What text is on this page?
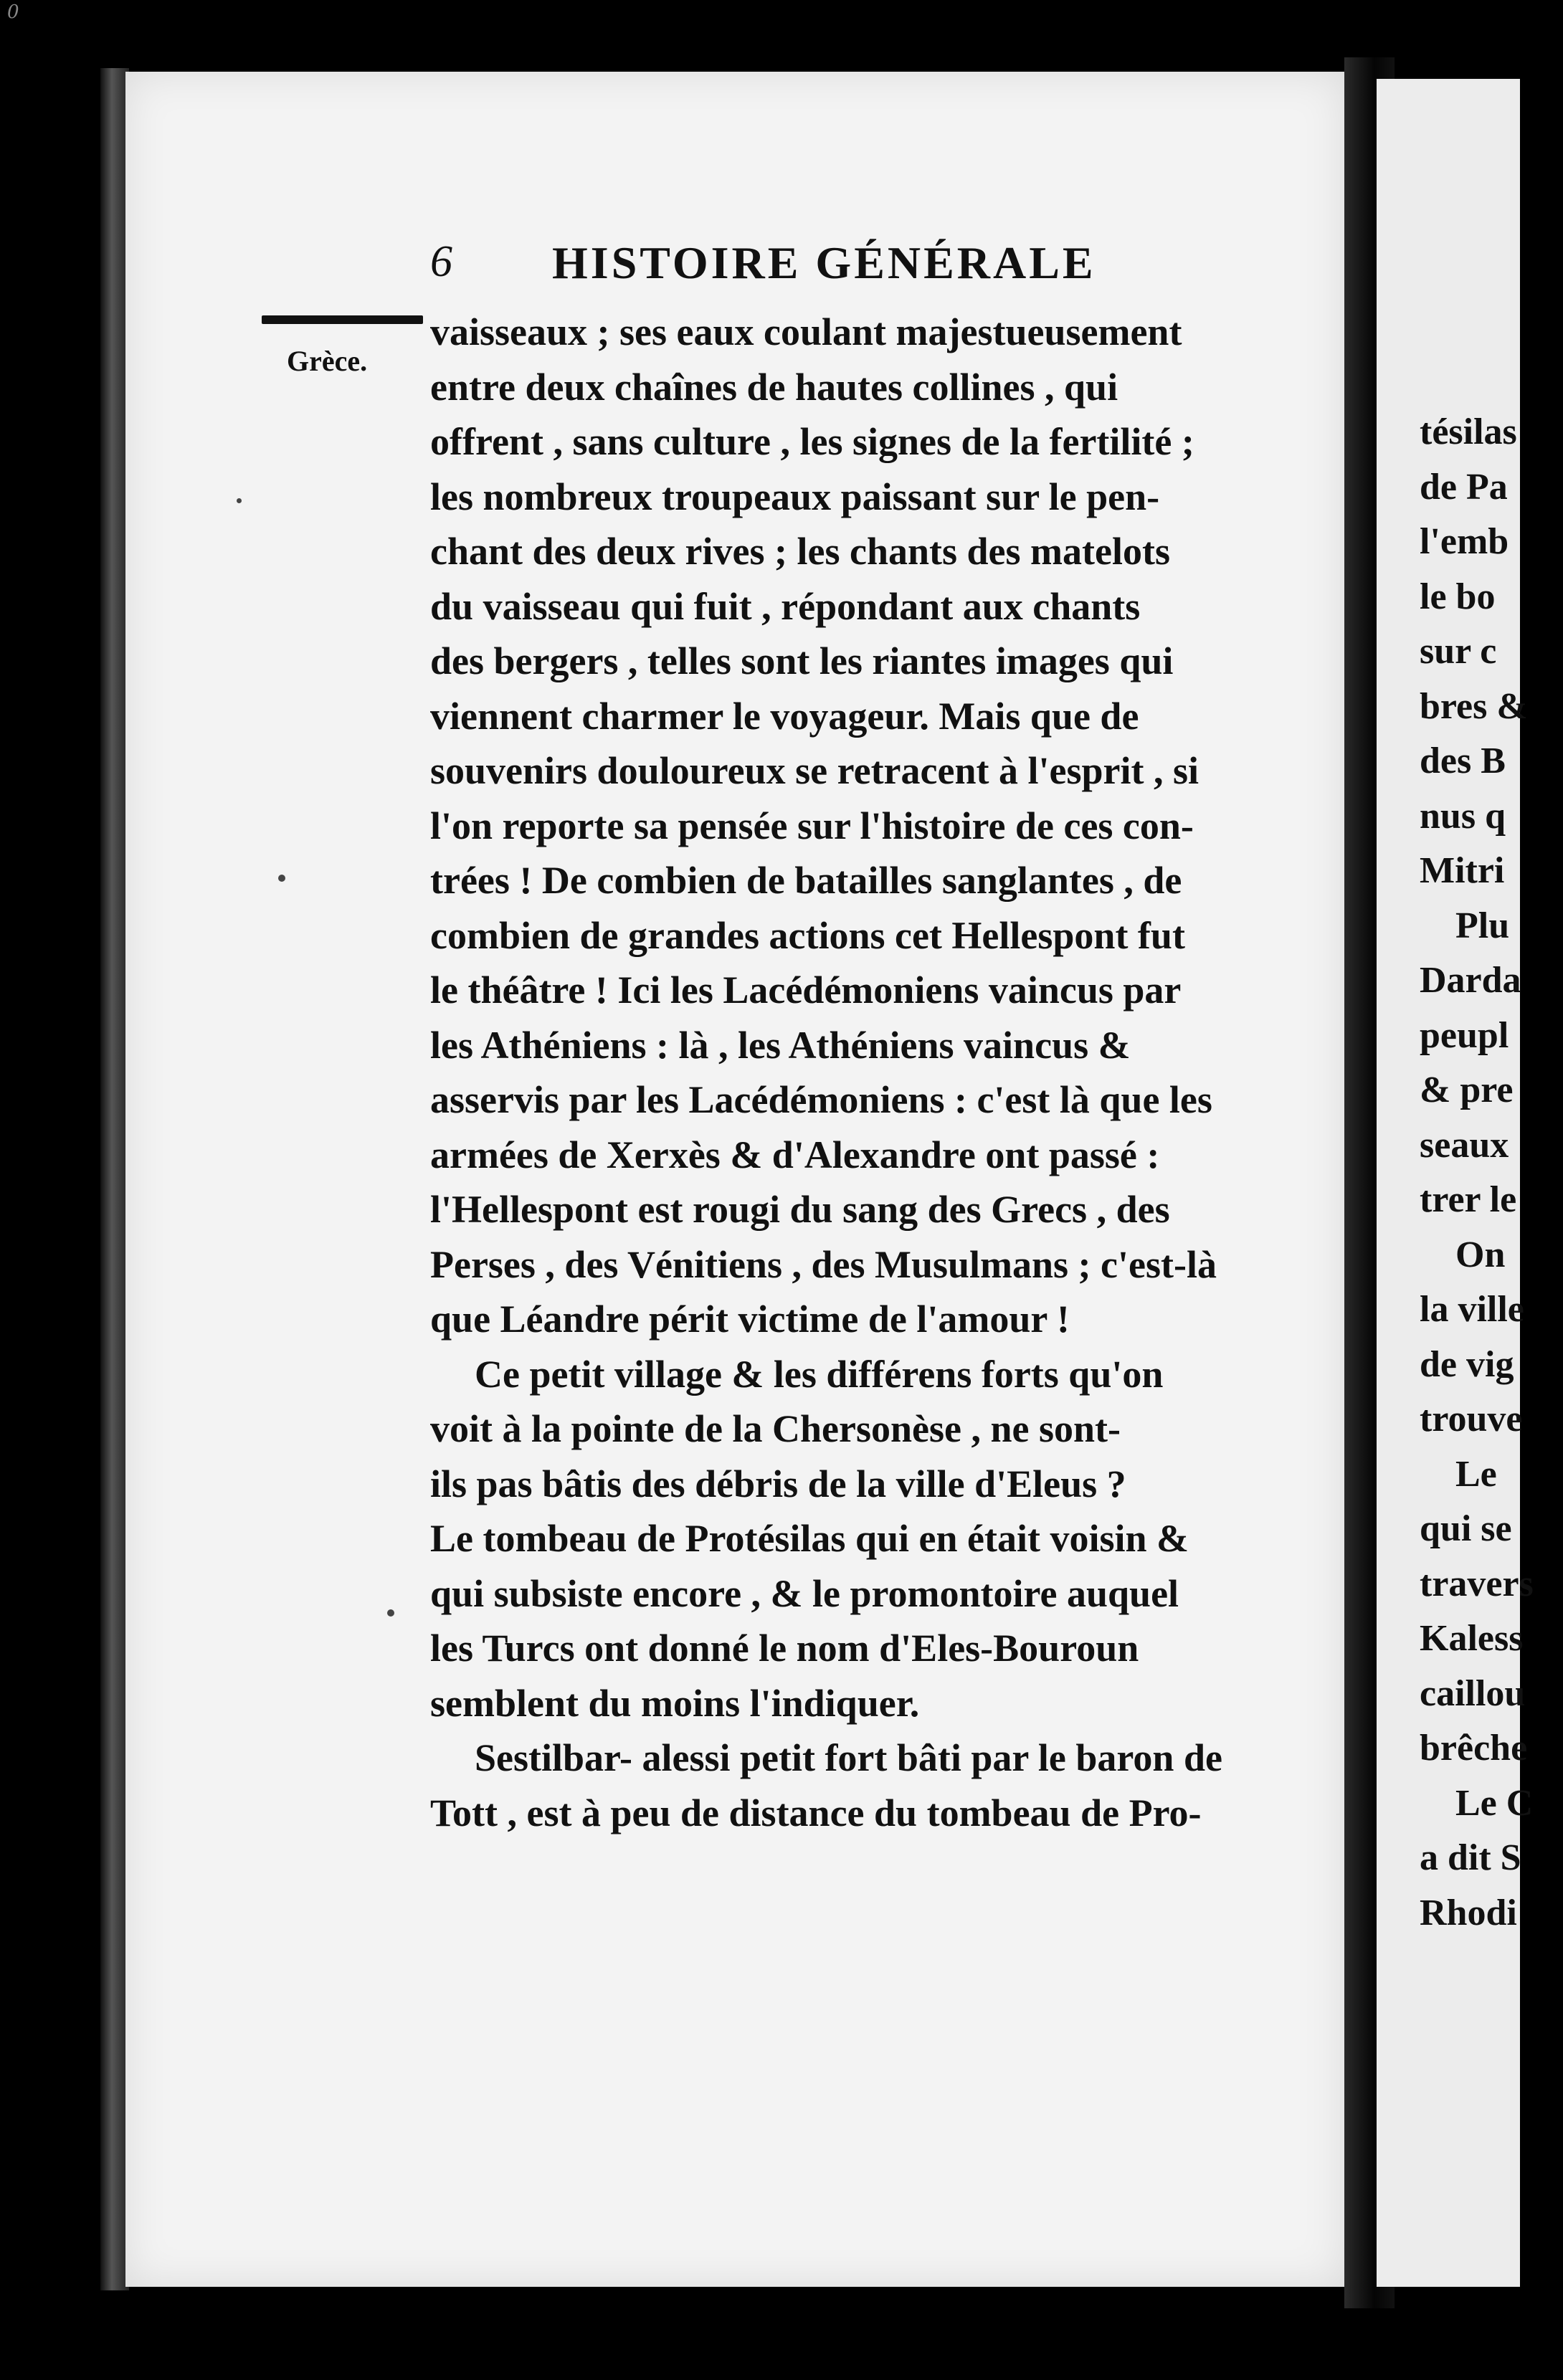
0
6 HISTOIRE GÉNÉRALE
Grèce.
vaisseaux ; ses eaux coulant majestueusement
entre deux chaînes de hautes collines , qui
offrent , sans culture , les signes de la fertilité ;
les nombreux troupeaux paissant sur le pen-
chant des deux rives ; les chants des matelots
du vaisseau qui fuit , répondant aux chants
des bergers , telles sont les riantes images qui
viennent charmer le voyageur. Mais que de
souvenirs douloureux se retracent à l'esprit , si
l'on reporte sa pensée sur l'histoire de ces con-
trées ! De combien de batailles sanglantes , de
combien de grandes actions cet Hellespont fut
le théâtre ! Ici les Lacédémoniens vaincus par
les Athéniens : là , les Athéniens vaincus &
asservis par les Lacédémoniens : c'est là que les
armées de Xerxès & d'Alexandre ont passé :
l'Hellespont est rougi du sang des Grecs , des
Perses , des Vénitiens , des Musulmans ; c'est-là
que Léandre périt victime de l'amour !
Ce petit village & les différens forts qu'on
voit à la pointe de la Chersonèse , ne sont-
ils pas bâtis des débris de la ville d'Eleus ?
Le tombeau de Protésilas qui en était voisin &
qui subsiste encore , & le promontoire auquel
les Turcs ont donné le nom d'Eles-Bouroun
semblent du moins l'indiquer.
Sestilbar- alessi petit fort bâti par le baron de
Tott , est à peu de distance du tombeau de Pro-
tésilas
de Pa
l'emb
le bo
sur c
bres &
des B
nus q
Mitri
Plu
Darda
peupl
& pre
seaux
trer le
On
la ville
de vig
trouve
Le
qui se
travers
Kaless
caillou
brêche
Le C
a dit S
Rhodi
